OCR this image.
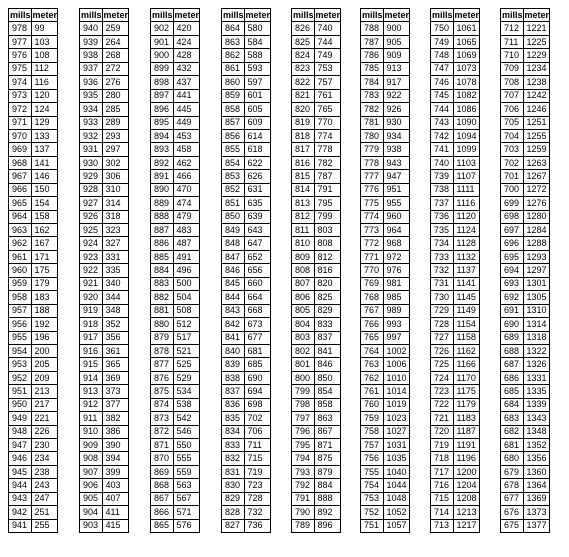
mills	meter
978	99
977	103
976	108
975	112
974	116
973	120
972	124
971	129
970	133
969	137
968	141
967	146
966	150
965	154
964	158
963	162
962	167
961	171
960	175
959	179
958	183
957	188
956	192
955	196
954	200
953	205
952	209
951	213
950	217
949	221
948	226
947	230
946	234
945	238
944	243
943	247
942	251
941	255
mills	meter
940	259
939	264
938	268
937	272
936	276
935	280
934	285
933	289
932	293
931	297
930	302
929	306
928	310
927	314
926	318
925	323
924	327
923	331
922	335
921	340
920	344
919	348
918	352
917	356
916	361
915	365
914	369
913	373
912	377
911	382
910	386
909	390
908	394
907	399
906	403
905	407
904	411
903	415
mills	meter
902	420
901	424
900	428
899	432
898	437
897	441
896	445
895	449
894	453
893	458
892	462
891	466
890	470
889	474
888	479
887	483
886	487
885	491
884	496
883	500
882	504
881	508
880	512
879	517
878	521
877	525
876	529
875	534
874	538
873	542
872	546
871	550
870	555
869	559
868	563
867	567
866	571
865	576
mills	meter
864	580
863	584
862	588
861	593
860	597
859	601
858	605
857	609
856	614
855	618
854	622
853	626
852	631
851	635
850	639
849	643
848	647
847	652
846	656
845	660
844	664
843	668
842	673
841	677
840	681
839	685
838	690
837	694
836	698
835	702
834	706
833	711
832	715
831	719
830	723
829	728
828	732
827	736
mills	meter
826	740
825	744
824	749
823	753
822	757
821	761
820	765
819	770
818	774
817	778
816	782
815	787
814	791
813	795
812	799
811	803
810	808
809	812
808	816
807	820
806	825
805	829
804	833
803	837
802	841
801	846
800	850
799	854
798	858
797	863
796	867
795	871
794	875
793	879
792	884
791	888
790	892
789	896
mills	meter
788	900
787	905
786	909
785	913
784	917
783	922
782	926
781	930
780	934
779	938
778	943
777	947
776	951
775	955
774	960
773	964
772	968
771	972
770	976
769	981
768	985
767	989
766	993
765	997
764	1002
763	1006
762	1010
761	1014
760	1019
759	1023
758	1027
757	1031
756	1035
755	1040
754	1044
753	1048
752	1052
751	1057
mills	meter
750	1061
749	1065
748	1069
747	1073
746	1078
745	1082
744	1086
743	1090
742	1094
741	1099
740	1103
739	1107
738	1111
737	1116
736	1120
735	1124
734	1128
733	1132
732	1137
731	1141
730	1145
729	1149
728	1154
727	1158
726	1162
725	1166
724	1170
723	1175
722	1179
721	1183
720	1187
719	1191
718	1196
717	1200
716	1204
715	1208
714	1213
713	1217
mills	meter
712	1221
711	1225
710	1229
709	1234
708	1238
707	1242
706	1246
705	1251
704	1255
703	1259
702	1263
701	1267
700	1272
699	1276
698	1280
697	1284
696	1288
695	1293
694	1297
693	1301
692	1305
691	1310
690	1314
689	1318
688	1322
687	1326
686	1331
685	1335
684	1339
683	1343
682	1348
681	1352
680	1356
679	1360
678	1364
677	1369
676	1373
675	1377
